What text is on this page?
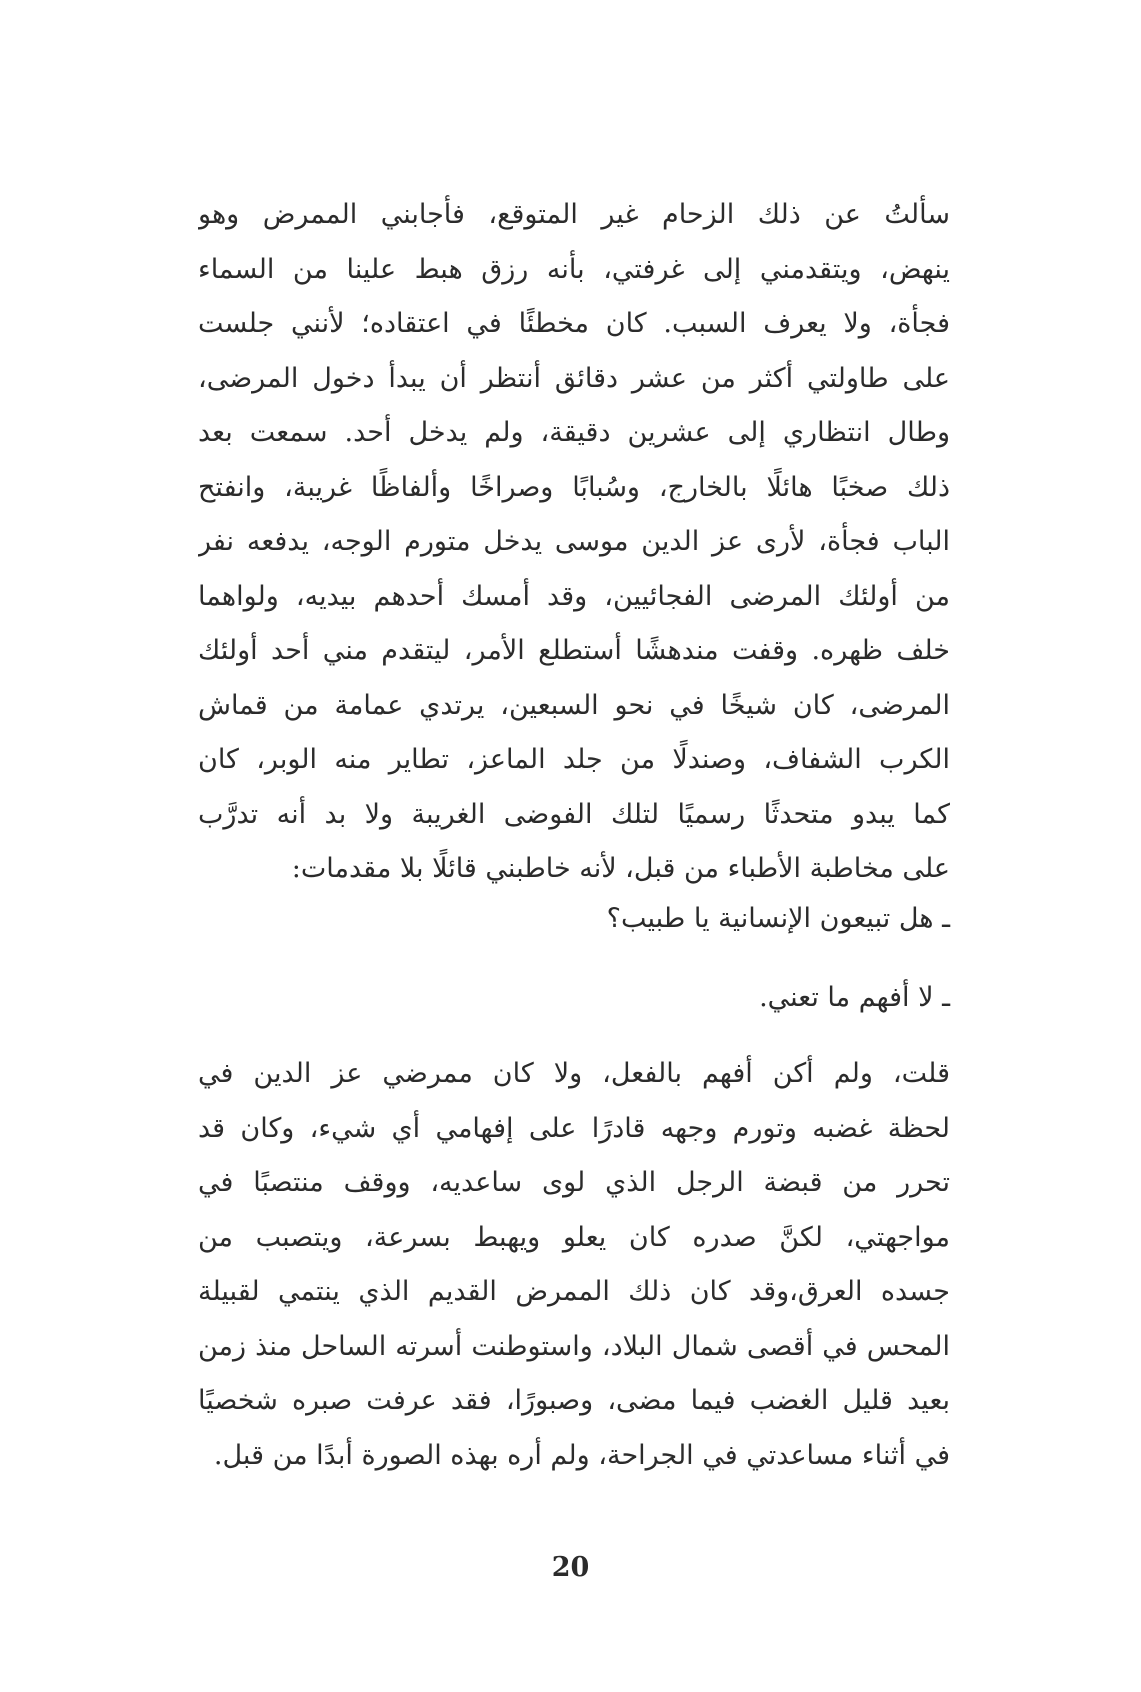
سألتُ عن ذلك الزحام غير المتوقع، فأجابني الممرض وهو
ينهض، ويتقدمني إلى غرفتي، بأنه رزق هبط علينا من السماء
فجأة، ولا يعرف السبب. كان مخطئًا في اعتقاده؛ لأنني جلست
على طاولتي أكثر من عشر دقائق أنتظر أن يبدأ دخول المرضى،
وطال انتظاري إلى عشرين دقيقة، ولم يدخل أحد. سمعت بعد
ذلك صخبًا هائلًا بالخارج، وسُبابًا وصراخًا وألفاظًا غريبة، وانفتح
الباب فجأة، لأرى عز الدين موسى يدخل متورم الوجه، يدفعه نفر
من أولئك المرضى الفجائيين، وقد أمسك أحدهم بيديه، ولواهما
خلف ظهره. وقفت مندهشًا أستطلع الأمر، ليتقدم مني أحد أولئك
المرضى، كان شيخًا في نحو السبعين، يرتدي عمامة من قماش
الكرب الشفاف، وصندلًا من جلد الماعز، تطاير منه الوبر، كان
كما يبدو متحدثًا رسميًا لتلك الفوضى الغريبة ولا بد أنه تدرَّب
على مخاطبة الأطباء من قبل، لأنه خاطبني قائلًا بلا مقدمات:
ـ هل تبيعون الإنسانية يا طبيب؟
ـ لا أفهم ما تعني.
قلت، ولم أكن أفهم بالفعل، ولا كان ممرضي عز الدين في
لحظة غضبه وتورم وجهه قادرًا على إفهامي أي شيء، وكان قد
تحرر من قبضة الرجل الذي لوى ساعديه، ووقف منتصبًا في
مواجهتي، لكنَّ صدره كان يعلو ويهبط بسرعة، ويتصبب من
جسده العرق،وقد كان ذلك الممرض القديم الذي ينتمي لقبيلة
المحس في أقصى شمال البلاد، واستوطنت أسرته الساحل منذ زمن
بعيد قليل الغضب فيما مضى، وصبورًا، فقد عرفت صبره شخصيًا
في أثناء مساعدتي في الجراحة، ولم أره بهذه الصورة أبدًا من قبل.
20
